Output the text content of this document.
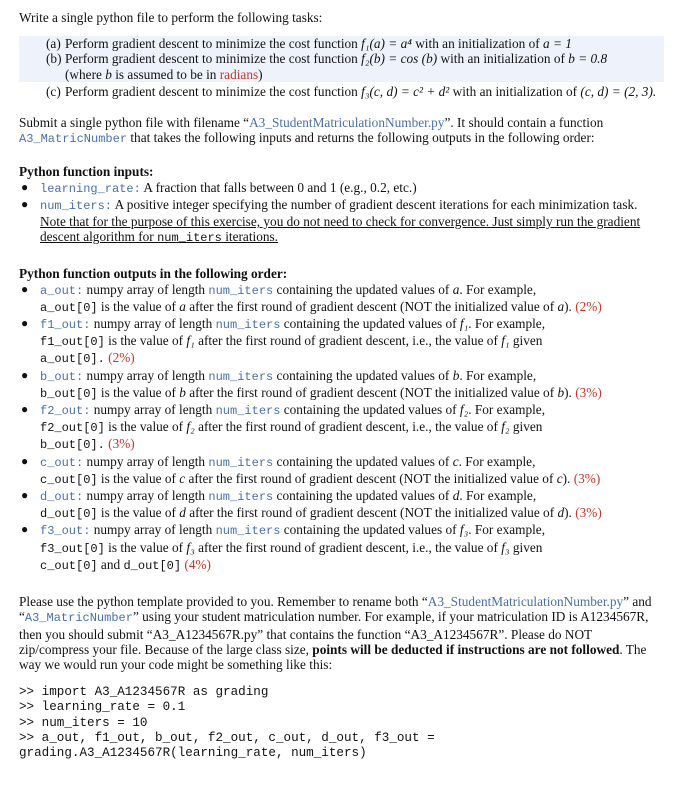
Write a single python file to perform the following tasks:

(a) Perform gradient descent to minimize the cost function f₁(a) = a⁴ with an initialization of a = 1
(b) Perform gradient descent to minimize the cost function f₂(b) = cos (b) with an initialization of b = 0.8
(where b is assumed to be in radians)
(c) Perform gradient descent to minimize the cost function f₃(c, d) = c² + d² with an initialization of (c, d) = (2, 3).

Submit a single python file with filename “A3_StudentMatriculationNumber.py”. It should contain a function A3_MatricNumber that takes the following inputs and returns the following outputs in the following order:

Python function inputs:
● learning_rate: A fraction that falls between 0 and 1 (e.g., 0.2, etc.)
● num_iters: A positive integer specifying the number of gradient descent iterations for each minimization task. Note that for the purpose of this exercise, you do not need to check for convergence. Just simply run the gradient descent algorithm for num_iters iterations.
Python function outputs in the following order:
● a_out: numpy array of length num_iters containing the updated values of a. For example,
a_out[0] is the value of a after the first round of gradient descent (NOT the initialized value of a). (2%)
● f1_out: numpy array of length num_iters containing the updated values of f₁. For example,
f1_out[0] is the value of f₁ after the first round of gradient descent, i.e., the value of f₁ given
a_out[0]. (2%)
● b_out: numpy array of length num_iters containing the updated values of b. For example,
b_out[0] is the value of b after the first round of gradient descent (NOT the initialized value of b). (3%)
● f2_out: numpy array of length num_iters containing the updated values of f₂. For example,
f2_out[0] is the value of f₂ after the first round of gradient descent, i.e., the value of f₂ given
b_out[0]. (3%)
● c_out: numpy array of length num_iters containing the updated values of c. For example,
c_out[0] is the value of c after the first round of gradient descent (NOT the initialized value of c). (3%)
● d_out: numpy array of length num_iters containing the updated values of d. For example,
d_out[0] is the value of d after the first round of gradient descent (NOT the initialized value of d). (3%)
● f3_out: numpy array of length num_iters containing the updated values of f₃. For example,
f3_out[0] is the value of f₃ after the first round of gradient descent, i.e., the value of f₃ given
c_out[0] and d_out[0] (4%)

Please use the python template provided to you. Remember to rename both “A3_StudentMatriculationNumber.py” and “A3_MatricNumber” using your student matriculation number. For example, if your matriculation ID is A1234567R, then you should submit “A3_A1234567R.py” that contains the function “A3_A1234567R”. Please do NOT zip/compress your file. Because of the large class size, points will be deducted if instructions are not followed. The way we would run your code might be something like this:

>> import A3_A1234567R as grading
>> learning_rate = 0.1
>> num_iters = 10
>> a_out, f1_out, b_out, f2_out, c_out, d_out, f3_out =
grading.A3_A1234567R(learning_rate, num_iters)
